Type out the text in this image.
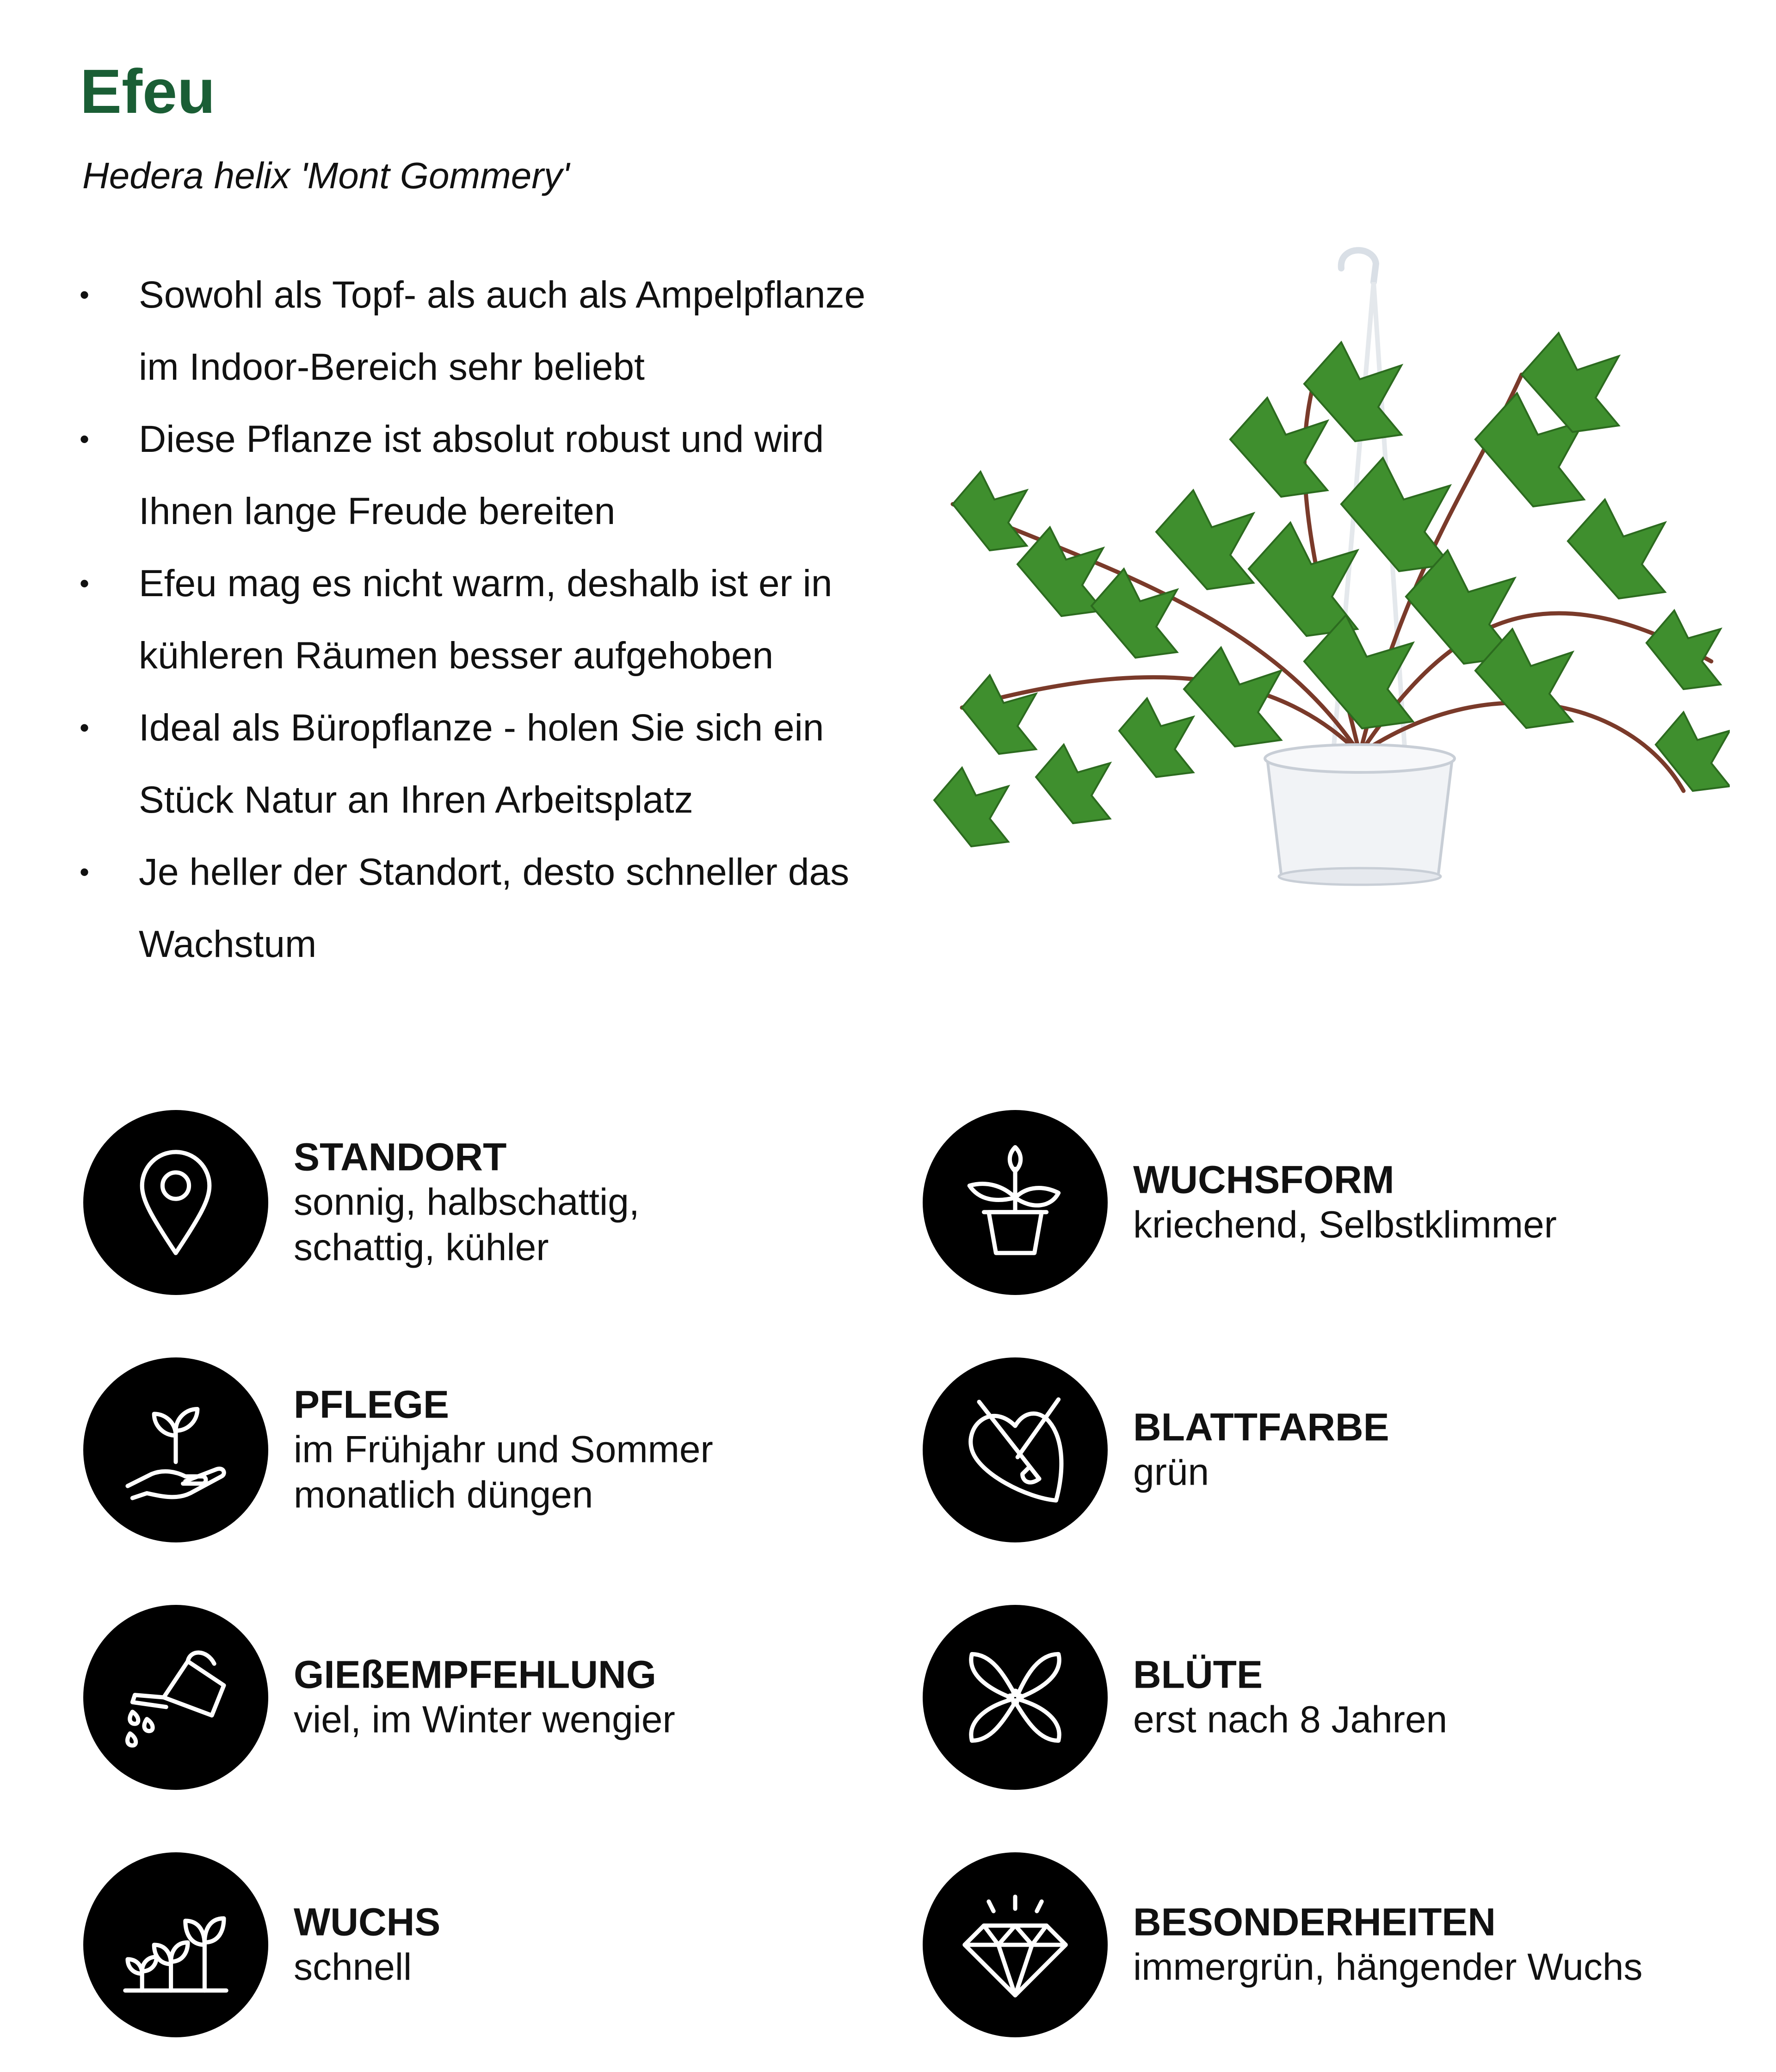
Efeu
Hedera helix 'Mont Gommery'
• Sowohl als Topf- als auch als Ampelpflanze im Indoor-Bereich sehr beliebt
• Diese Pflanze ist absolut robust und wird Ihnen lange Freude bereiten
• Efeu mag es nicht warm, deshalb ist er in kühleren Räumen besser aufgehoben
• Ideal als Büropflanze - holen Sie sich ein Stück Natur an Ihren Arbeitsplatz
• Je heller der Standort, desto schneller das Wachstum
STANDORT
sonnig, halbschattig,
schattig, kühler
PFLEGE
im Frühjahr und Sommer
monatlich düngen
GIEßEMPFEHLUNG
viel, im Winter wengier
WUCHS
schnell
WUCHSFORM
kriechend, Selbstklimmer
BLATTFARBE
grün
BLÜTE
erst nach 8 Jahren
BESONDERHEITEN
immergrün, hängender Wuchs
